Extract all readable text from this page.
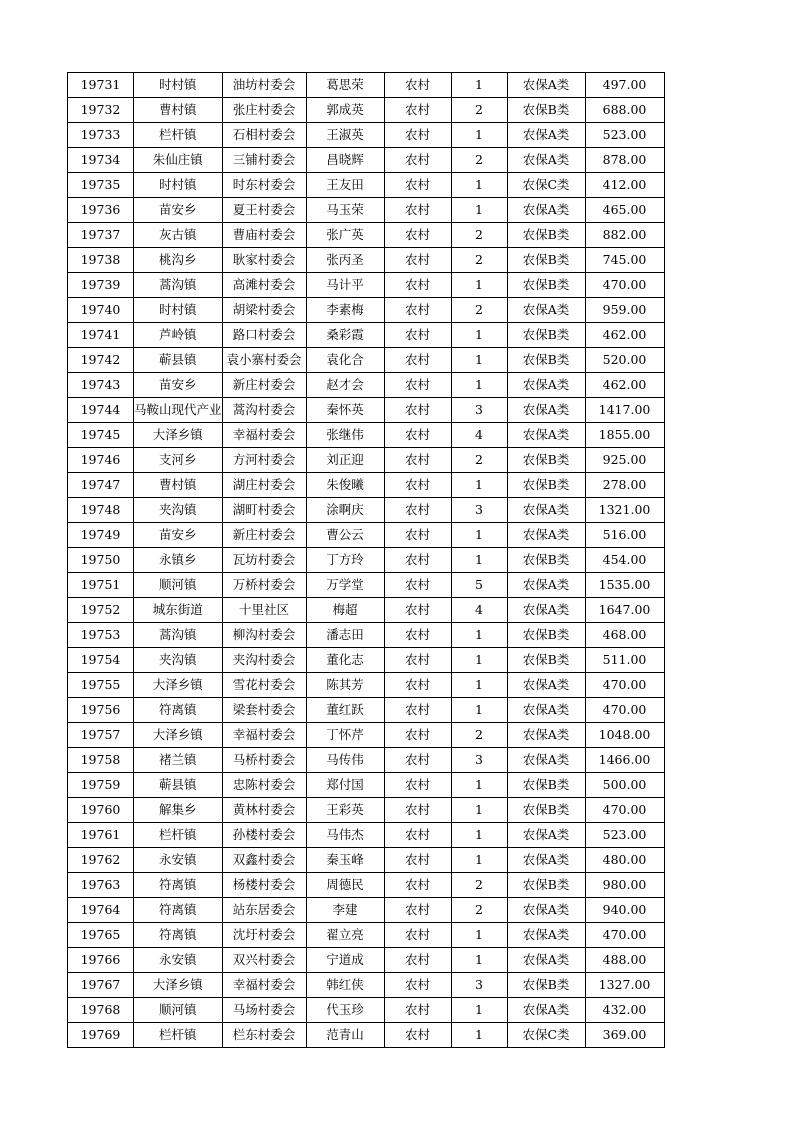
19731	时村镇	油坊村委会	葛思荣	农村	1	农保A类	497.00
19732	曹村镇	张庄村委会	郭成英	农村	2	农保B类	688.00
19733	栏杆镇	石相村委会	王淑英	农村	1	农保A类	523.00
19734	朱仙庄镇	三铺村委会	昌晓辉	农村	2	农保A类	878.00
19735	时村镇	时东村委会	王友田	农村	1	农保C类	412.00
19736	苗安乡	夏王村委会	马玉荣	农村	1	农保A类	465.00
19737	灰古镇	曹庙村委会	张广英	农村	2	农保B类	882.00
19738	桃沟乡	耿家村委会	张丙圣	农村	2	农保B类	745.00
19739	蒿沟镇	高滩村委会	马计平	农村	1	农保B类	470.00
19740	时村镇	胡梁村委会	李素梅	农村	2	农保A类	959.00
19741	芦岭镇	路口村委会	桑彩霞	农村	1	农保B类	462.00
19742	蕲县镇	袁小寨村委会	袁化合	农村	1	农保B类	520.00
19743	苗安乡	新庄村委会	赵才会	农村	1	农保A类	462.00
19744	马鞍山现代产业	蒿沟村委会	秦怀英	农村	3	农保A类	1417.00
19745	大泽乡镇	幸福村委会	张继伟	农村	4	农保A类	1855.00
19746	支河乡	方河村委会	刘正迎	农村	2	农保B类	925.00
19747	曹村镇	湖庄村委会	朱俊曦	农村	1	农保B类	278.00
19748	夹沟镇	湖町村委会	涂啊庆	农村	3	农保A类	1321.00
19749	苗安乡	新庄村委会	曹公云	农村	1	农保A类	516.00
19750	永镇乡	瓦坊村委会	丁方玲	农村	1	农保B类	454.00
19751	顺河镇	万桥村委会	万学堂	农村	5	农保A类	1535.00
19752	城东街道	十里社区	梅超	农村	4	农保A类	1647.00
19753	蒿沟镇	柳沟村委会	潘志田	农村	1	农保B类	468.00
19754	夹沟镇	夹沟村委会	董化志	农村	1	农保B类	511.00
19755	大泽乡镇	雪花村委会	陈其芳	农村	1	农保A类	470.00
19756	符离镇	梁套村委会	董红跃	农村	1	农保A类	470.00
19757	大泽乡镇	幸福村委会	丁怀芹	农村	2	农保A类	1048.00
19758	褚兰镇	马桥村委会	马传伟	农村	3	农保A类	1466.00
19759	蕲县镇	忠陈村委会	郑付国	农村	1	农保B类	500.00
19760	解集乡	黄林村委会	王彩英	农村	1	农保B类	470.00
19761	栏杆镇	孙楼村委会	马伟杰	农村	1	农保A类	523.00
19762	永安镇	双鑫村委会	秦玉峰	农村	1	农保A类	480.00
19763	符离镇	杨楼村委会	周德民	农村	2	农保B类	980.00
19764	符离镇	站东居委会	李建	农村	2	农保A类	940.00
19765	符离镇	沈圩村委会	翟立亮	农村	1	农保A类	470.00
19766	永安镇	双兴村委会	宁道成	农村	1	农保A类	488.00
19767	大泽乡镇	幸福村委会	韩红侠	农村	3	农保B类	1327.00
19768	顺河镇	马场村委会	代玉珍	农村	1	农保A类	432.00
19769	栏杆镇	栏东村委会	范青山	农村	1	农保C类	369.00
